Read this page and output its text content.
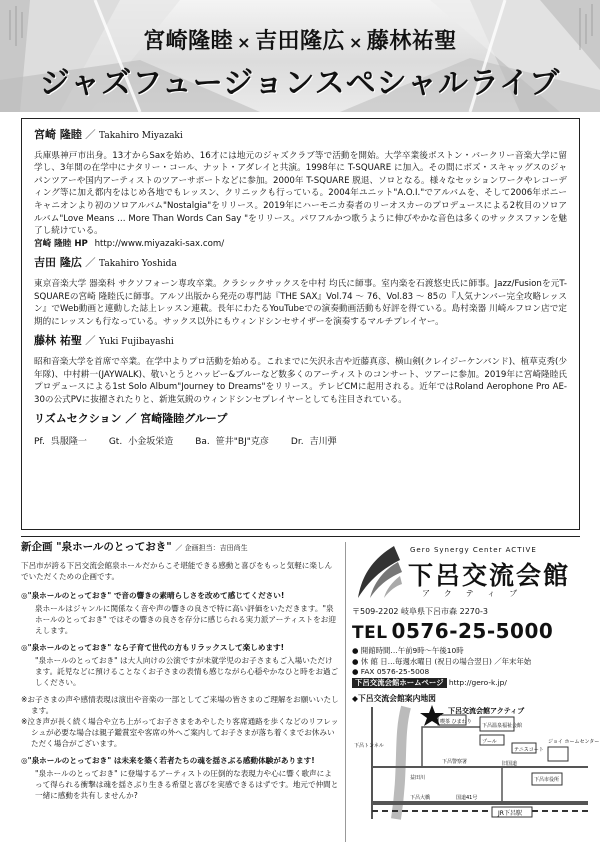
宮崎隆睦 × 吉田隆広 × 藤林祐聖
ジャズフュージョンスペシャルライブ
宮崎 隆睦 ／ Takahiro Miyazaki
兵庫県神戸市出身。13才からSaxを始め、16才には地元のジャズクラブ等で活動を開始。大学卒業後ボストン・バークリー音楽大学に留学し、3年間の在学中にナタリー・コール、ナット・アダレイと共演。1998年に T-SQUARE に加入。その間にボズ・スキャッグスのジャパンツアーや国内アーティストのツアーサポートなどに参加。2000年 T-SQUARE 脱退、ソロとなる。様々なセッションワークやレコーディング等に加え都内をはじめ各地でもレッスン、クリニックも行っている。2004年ユニット"A.O.I."でアルバムを、そして2006年ポニーキャニオンより初のソロアルバム"Nostalgia"をリリース。2019年にハーモニカ奏者のリーオスカーのプロデュースによる2枚目のソロアルバム"Love Means … More Than Words Can Say "をリリース。パワフルかつ歌うように伸びやかな音色は多くのサックスファンを魅了し続けている。
宮崎 隆睦 HP http://www.miyazaki-sax.com/
吉田 隆広 ／ Takahiro Yoshida
東京音楽大学 器楽科 サクソフォーン専攻卒業。クラシックサックスを中村 均氏に師事。室内楽を石渡悠史氏に師事。Jazz/Fusionを元T-SQUAREの宮崎 隆睦氏に師事。アルソ出版から発売の専門誌『THE SAX』Vol.74 〜 76、Vol.83 〜 85の『人気ナンバー完全攻略レッスン』でWeb動画と連動した誌上レッスン連載。長年にわたるYouTubeでの演奏動画活動も好評を得ている。島村楽器 川崎ルフロン店で定期的にレッスンも行なっている。サックス以外にもウィンドシンセサイザーを演奏するマルチプレイヤー。
藤林 祐聖 ／ Yuki Fujibayashi
昭和音楽大学を首席で卒業。在学中よりプロ活動を始める。これまでに矢沢永吉や近藤真彦、横山剣(クレイジーケンバンド)、植草克秀(少年隊)、中村耕一(JAYWALK)、敬いとうとハッピー&ブルーなど数多くのアーティストのコンサート、ツアーに参加。2019年に宮崎隆睦氏プロデュースによる1st Solo Album"Journey to Dreams"をリリース。テレビCMに起用される。近年ではRoland Aerophone Pro AE-30の公式PVに抜擢されたりと、新進気鋭のウィンドシンセプレイヤーとしても注目されている。
リズムセクション ／ 宮崎隆睦グループ
Pf. 呉服隆一 Gt. 小金坂栄造 Ba. 笹井"BJ"克彦 Dr. 吉川弾
新企画 "泉ホールのとっておき" ／ 企画担当：吉田尚生
下呂市が誇る下呂交流会館泉ホールだからこそ堪能できる感動と喜びをもっと気軽に楽しんでいただくための企画です。
◎"泉ホールのとっておき" で音の響きの素晴らしさを改めて感じてください!
泉ホールはジャンルに関係なく音や声の響きの良さで特に高い評価をいただきます。"泉ホールのとっておき" ではその響きの良さを存分に感じられる実力派アーティストをお迎えします。
◎"泉ホールのとっておき" なら子育て世代の方もリラックスして楽しめます!
"泉ホールのとっておき" は大人向けの公演ですが未就学児のお子さまもご入場いただけます。託児などに預けることなくお子さまの表情も感じながら心穏やかなひと時をお過ごしください。

※お子さまの声や感情表現は演出や音楽の一部としてご来場の皆さまのご理解をお願いいたします。

※泣き声が長く続く場合や立ち上がってお子さまをあやしたり客席通路を歩くなどのリフレッシュが必要な場合は親子鑑賞室や客席の外へご案内してお子さまが落ち着くまでお休みいただく場合がございます。

◎"泉ホールのとっておき" は未来を築く若者たちの魂を揺さぶる感動体験があります!
"泉ホールのとっておき" に登場するアーティストの圧倒的な表現力や心に響く歌声によって得られる衝撃は魂を揺さぶり生きる希望と喜びを実感できるはずです。地元で仲間と一緒に感動を共有しませんか?
Gero Synergy Center ACTIVE
下呂交流会館
アクティブ
〒509-2202 岐阜県下呂市森 2270-3
TEL 0576-25-5000
● 開館時間…午前9時〜午後10時
● 休 館 日…毎週水曜日 (祝日の場合翌日) ／年末年始
● FAX 0576-25-5008
下呂交流会館ホームページ http://gero-k.jp/
◆下呂交流会館案内地図
下呂交流会館アクティブ
喫茶 ひまわり
下呂温泉福祉会館
プール
テニスコート
ジョイ ホームセンター
下呂市役所
下呂警察署
下呂トンネル
益田川
下呂大橋	国道41号
旧国道
JR下呂駅
